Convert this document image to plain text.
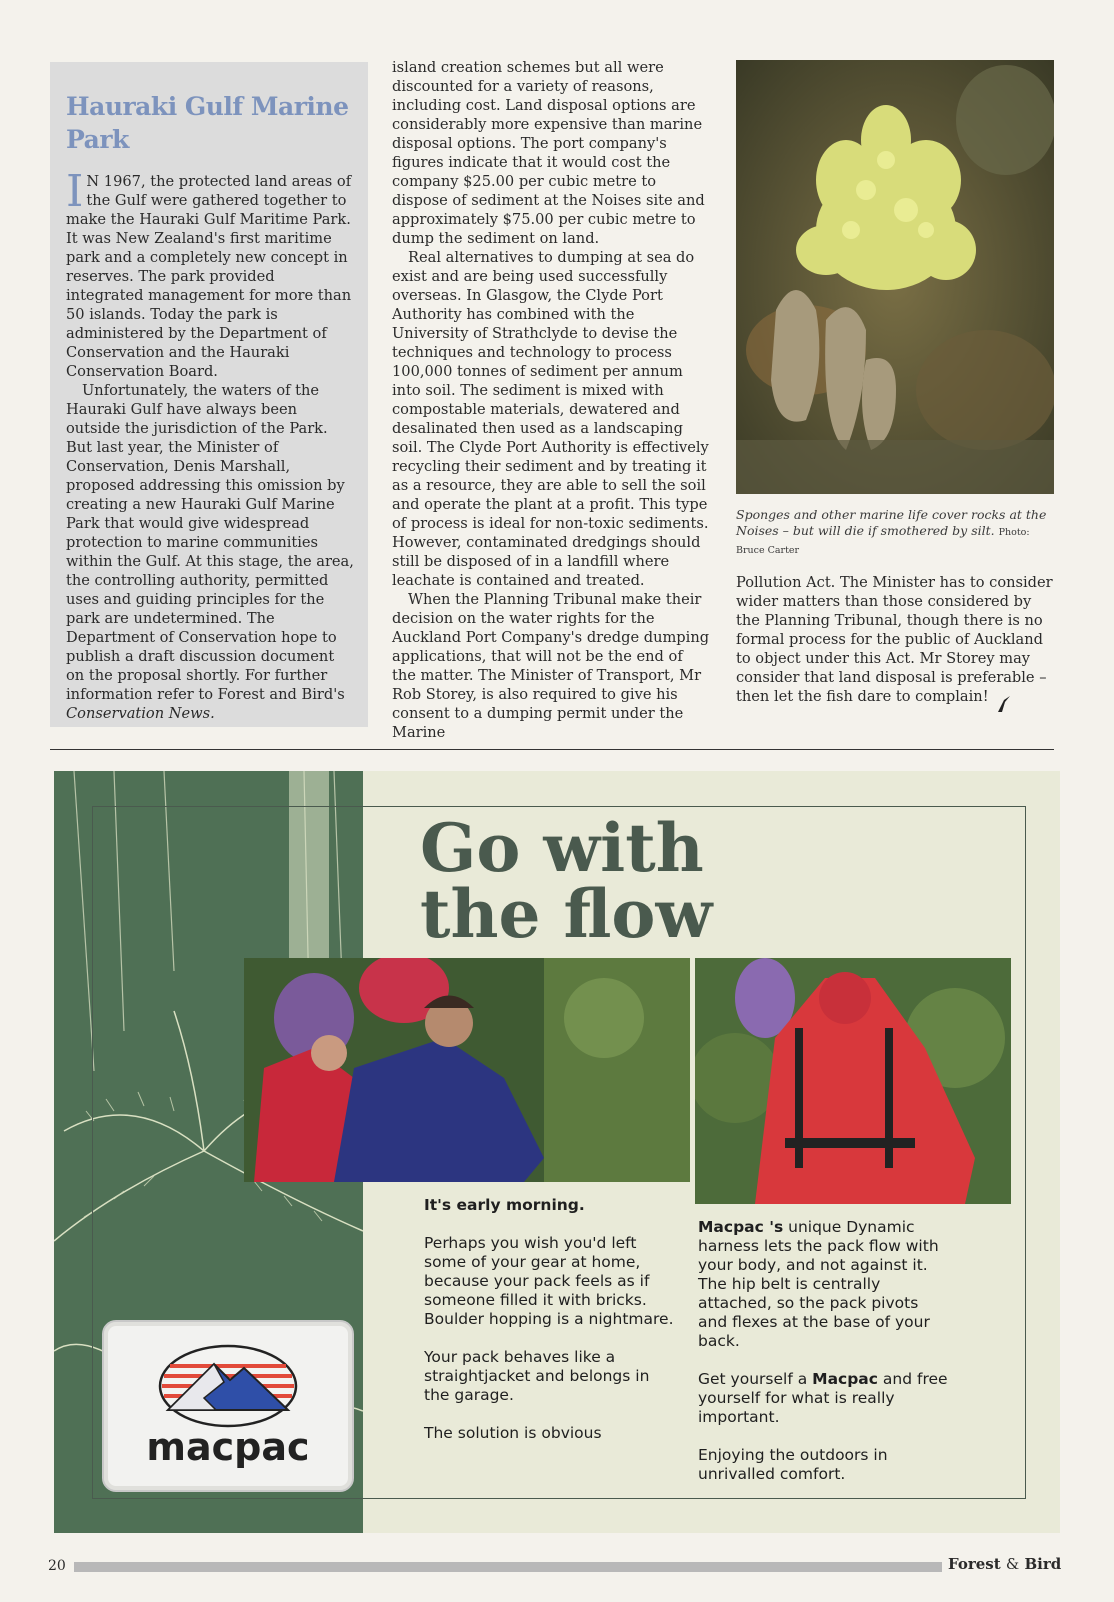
Hauraki Gulf Marine Park

I N 1967, the protected land areas of the Gulf were gathered together to make the Hauraki Gulf Maritime Park. It was New Zealand's first maritime park and a completely new concept in reserves. The park provided integrated management for more than 50 islands. Today the park is administered by the Department of Conservation and the Hauraki Conservation Board.

Unfortunately, the waters of the Hauraki Gulf have always been outside the jurisdiction of the Park. But last year, the Minister of Conservation, Denis Marshall, proposed addressing this omission by creating a new Hauraki Gulf Marine Park that would give widespread protection to marine communities within the Gulf. At this stage, the area, the controlling authority, permitted uses and guiding principles for the park are undetermined. The Department of Conservation hope to publish a draft discussion document on the proposal shortly. For further information refer to Forest and Bird's Conservation News.

island creation schemes but all were discounted for a variety of reasons, including cost. Land disposal options are considerably more expensive than marine disposal options. The port company's figures indicate that it would cost the company $25.00 per cubic metre to dispose of sediment at the Noises site and approximately $75.00 per cubic metre to dump the sediment on land.

Real alternatives to dumping at sea do exist and are being used successfully overseas. In Glasgow, the Clyde Port Authority has combined with the University of Strathclyde to devise the techniques and technology to process 100,000 tonnes of sediment per annum into soil. The sediment is mixed with compostable materials, dewatered and desalinated then used as a landscaping soil. The Clyde Port Authority is effectively recycling their sediment and by treating it as a resource, they are able to sell the soil and operate the plant at a profit. This type of process is ideal for non-toxic sediments. However, contaminated dredgings should still be disposed of in a landfill where leachate is contained and treated.

When the Planning Tribunal make their decision on the water rights for the Auckland Port Company's dredge dumping applications, that will not be the end of the matter. The Minister of Transport, Mr Rob Storey, is also required to give his consent to a dumping permit under the Marine

Sponges and other marine life cover rocks at the Noises – but will die if smothered by silt. Photo: Bruce Carter

Pollution Act. The Minister has to consider wider matters than those considered by the Planning Tribunal, though there is no formal process for the public of Auckland to object under this Act. Mr Storey may consider that land disposal is preferable – then let the fish dare to complain!

Go with
the flow

It's early morning.

Perhaps you wish you'd left some of your gear at home, because your pack feels as if someone filled it with bricks. Boulder hopping is a nightmare.

Your pack behaves like a straightjacket and belongs in the garage.

The solution is obvious

Macpac 's unique Dynamic harness lets the pack flow with your body, and not against it. The hip belt is centrally attached, so the pack pivots and flexes at the base of your back.

Get yourself a Macpac and free yourself for what is really important.

Enjoying the outdoors in unrivalled comfort.

macpac
20	Forest & Bird
